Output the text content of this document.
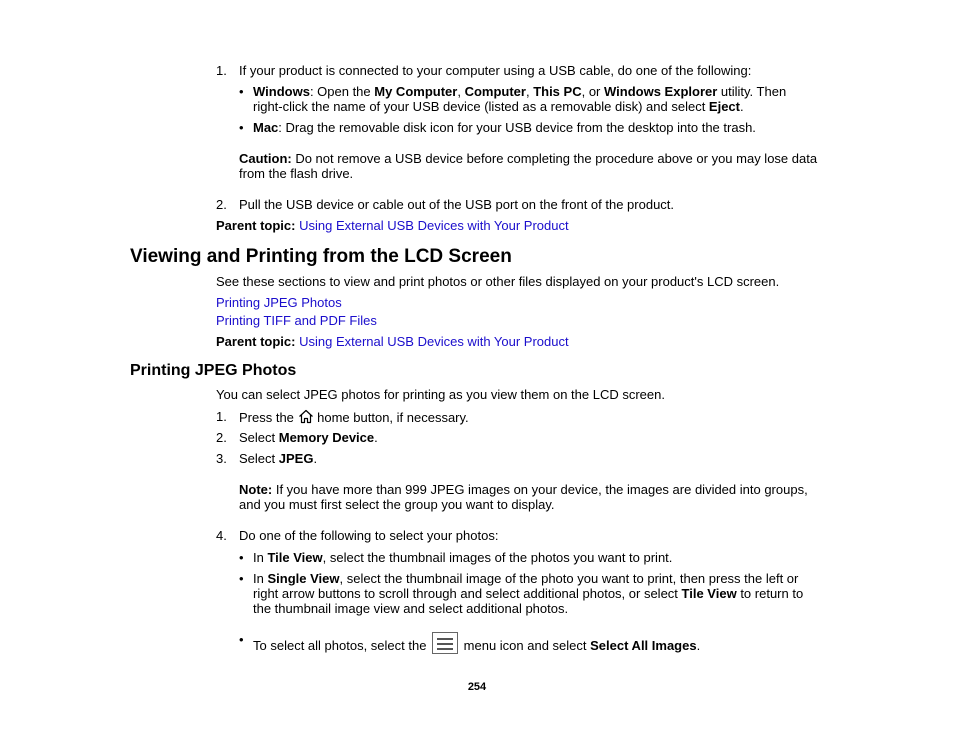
1. If your product is connected to your computer using a USB cable, do one of the following:

• Windows: Open the My Computer, Computer, This PC, or Windows Explorer utility. Then
right-click the name of your USB device (listed as a removable disk) and select Eject.

• Mac: Drag the removable disk icon for your USB device from the desktop into the trash.

Caution: Do not remove a USB device before completing the procedure above or you may lose data
from the flash drive.

2. Pull the USB device or cable out of the USB port on the front of the product.

Parent topic: Using External USB Devices with Your Product

Viewing and Printing from the LCD Screen

See these sections to view and print photos or other files displayed on your product's LCD screen.

Printing JPEG Photos
Printing TIFF and PDF Files

Parent topic: Using External USB Devices with Your Product

Printing JPEG Photos

You can select JPEG photos for printing as you view them on the LCD screen.

1. Press the  home button, if necessary.

2. Select Memory Device.

3. Select JPEG.

Note: If you have more than 999 JPEG images on your device, the images are divided into groups,
and you must first select the group you want to display.

4. Do one of the following to select your photos:

• In Tile View, select the thumbnail images of the photos you want to print.

• In Single View, select the thumbnail image of the photo you want to print, then press the left or
right arrow buttons to scroll through and select additional photos, or select Tile View to return to
the thumbnail image view and select additional photos.

• To select all photos, select the
menu icon and select Select All Images.

254
